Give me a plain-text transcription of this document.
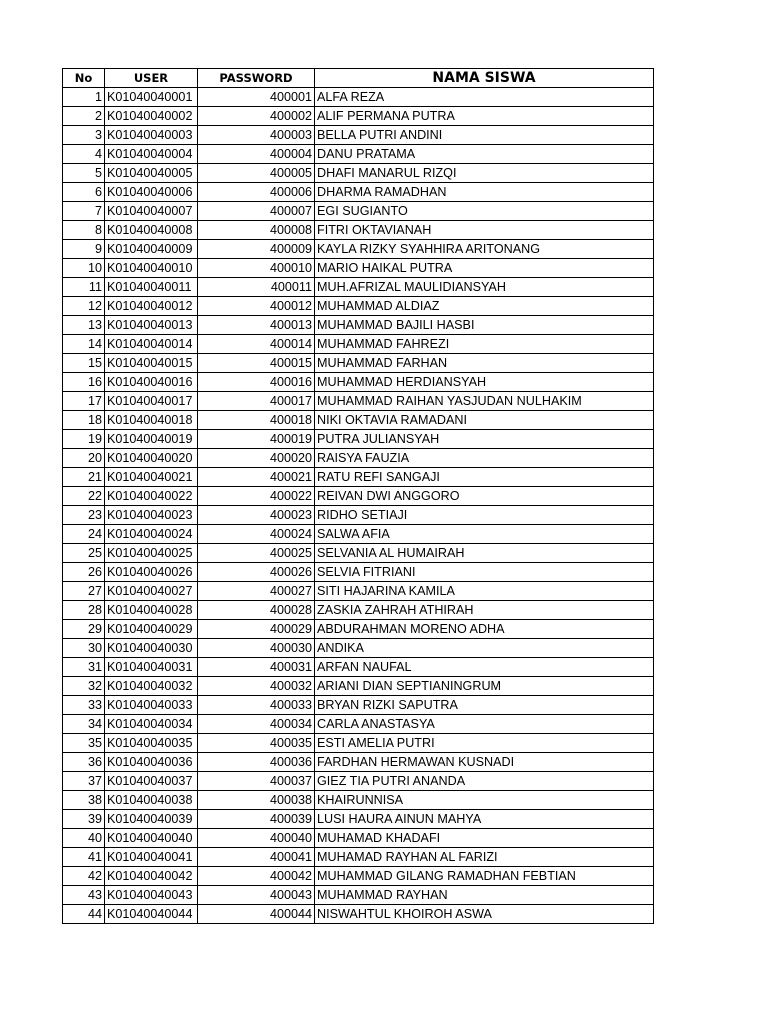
No	USER	PASSWORD	NAMA SISWA
1	K01040040001	400001	ALFA REZA
2	K01040040002	400002	ALIF PERMANA PUTRA
3	K01040040003	400003	BELLA PUTRI ANDINI
4	K01040040004	400004	DANU PRATAMA
5	K01040040005	400005	DHAFI MANARUL RIZQI
6	K01040040006	400006	DHARMA RAMADHAN
7	K01040040007	400007	EGI SUGIANTO
8	K01040040008	400008	FITRI OKTAVIANAH
9	K01040040009	400009	KAYLA RIZKY SYAHHIRA ARITONANG
10	K01040040010	400010	MARIO HAIKAL PUTRA
11	K01040040011	400011	MUH.AFRIZAL MAULIDIANSYAH
12	K01040040012	400012	MUHAMMAD ALDIAZ
13	K01040040013	400013	MUHAMMAD BAJILI HASBI
14	K01040040014	400014	MUHAMMAD FAHREZI
15	K01040040015	400015	MUHAMMAD FARHAN
16	K01040040016	400016	MUHAMMAD HERDIANSYAH
17	K01040040017	400017	MUHAMMAD RAIHAN YASJUDAN NULHAKIM
18	K01040040018	400018	NIKI OKTAVIA RAMADANI
19	K01040040019	400019	PUTRA JULIANSYAH
20	K01040040020	400020	RAISYA FAUZIA
21	K01040040021	400021	RATU REFI SANGAJI
22	K01040040022	400022	REIVAN DWI ANGGORO
23	K01040040023	400023	RIDHO SETIAJI
24	K01040040024	400024	SALWA AFIA
25	K01040040025	400025	SELVANIA AL HUMAIRAH
26	K01040040026	400026	SELVIA FITRIANI
27	K01040040027	400027	SITI HAJARINA KAMILA
28	K01040040028	400028	ZASKIA ZAHRAH ATHIRAH
29	K01040040029	400029	ABDURAHMAN MORENO ADHA
30	K01040040030	400030	ANDIKA
31	K01040040031	400031	ARFAN NAUFAL
32	K01040040032	400032	ARIANI DIAN SEPTIANINGRUM
33	K01040040033	400033	BRYAN RIZKI SAPUTRA
34	K01040040034	400034	CARLA ANASTASYA
35	K01040040035	400035	ESTI AMELIA PUTRI
36	K01040040036	400036	FARDHAN HERMAWAN KUSNADI
37	K01040040037	400037	GIEZ TIA PUTRI ANANDA
38	K01040040038	400038	KHAIRUNNISA
39	K01040040039	400039	LUSI HAURA AINUN MAHYA
40	K01040040040	400040	MUHAMAD KHADAFI
41	K01040040041	400041	MUHAMAD RAYHAN AL FARIZI
42	K01040040042	400042	MUHAMMAD GILANG RAMADHAN FEBTIAN
43	K01040040043	400043	MUHAMMAD RAYHAN
44	K01040040044	400044	NISWAHTUL KHOIROH ASWA
